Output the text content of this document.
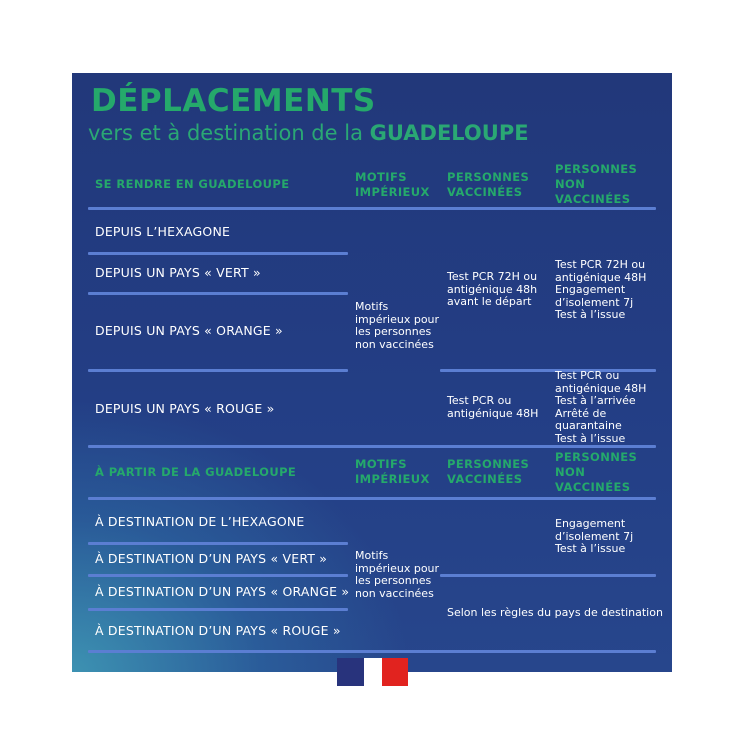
DÉPLACEMENTS
vers et à destination de la GUADELOUPE
SE RENDRE EN GUADELOUPE	MOTIFS
IMPÉRIEUX
PERSONNES
VACCINÉES
PERSONNES
NON
VACCINÉES
DEPUIS L’HEXAGONE
DEPUIS UN PAYS « VERT »
DEPUIS UN PAYS « ORANGE »
DEPUIS UN PAYS « ROUGE »
Motifs
impérieux pour
les personnes
non vaccinées
Test PCR 72H ou
antigénique 48h
avant le départ
Test PCR 72H ou
antigénique 48H
Engagement
d’isolement 7j
Test à l’issue
Test PCR ou
antigénique 48H
Test PCR ou
antigénique 48H
Test à l’arrivée
Arrêté de
quarantaine
Test à l’issue
À PARTIR DE LA GUADELOUPE
MOTIFS
IMPÉRIEUX
PERSONNES
VACCINÉES
PERSONNES
NON
VACCINÉES
À DESTINATION DE L’HEXAGONE
À DESTINATION D’UN PAYS « VERT »
À DESTINATION D’UN PAYS « ORANGE »
À DESTINATION D’UN PAYS « ROUGE »
Motifs
impérieux pour
les personnes
non vaccinées
Engagement
d’isolement 7j
Test à l’issue
Selon les règles du pays de destination
